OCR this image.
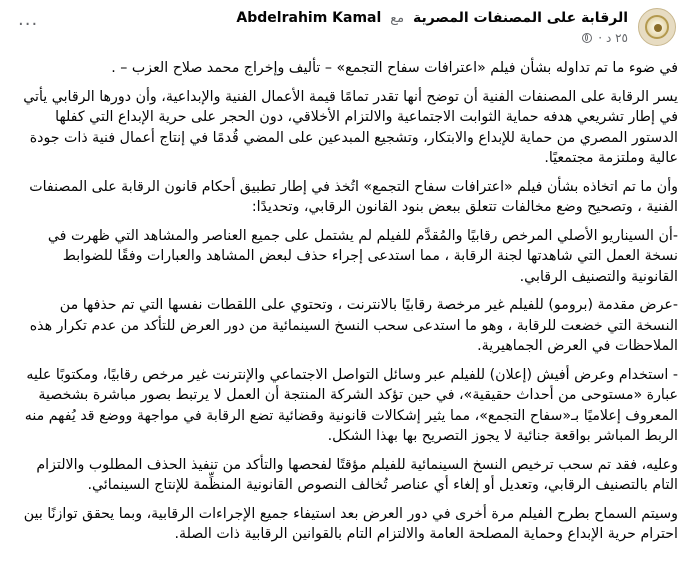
الرقابة على المصنفات المصرية مع Abdelrahim Kamal
٢٥ د ·
···

في ضوء ما تم تداوله بشأن فيلم «اعترافات سفاح التجمع» – تأليف وإخراج محمد صلاح العزب – .

يسر الرقابة على المصنفات الفنية أن توضح أنها تقدر تمامًا قيمة الأعمال الفنية والإبداعية، وأن دورها الرقابي يأتي في إطار تشريعي هدفه حماية الثوابت الاجتماعية والالتزام الأخلاقي، دون الحجر على حرية الإبداع التي كفلها الدستور المصري من حماية للإبداع والابتكار، وتشجيع المبدعين على المضي قُدمًا في إنتاج أعمال فنية ذات جودة عالية وملتزمة مجتمعيًا.

وأن ما تم اتخاذه بشأن فيلم «اعترافات سفاح التجمع» اتُخذ في إطار تطبيق أحكام قانون الرقابة على المصنفات الفنية ، وتصحيح وضع مخالفات تتعلق ببعض بنود القانون الرقابي، وتحديدًا:

-أن السيناريو الأصلي المرخص رقابيًا والمُقدَّم للفيلم لم يشتمل على جميع العناصر والمشاهد التي ظهرت في نسخة العمل التي شاهدتها لجنة الرقابة ، مما استدعى إجراء حذف لبعض المشاهد والعبارات وفقًا للضوابط القانونية والتصنيف الرقابي.

-عرض مقدمة (برومو) للفيلم غير مرخصة رقابيًا بالانترنت ، وتحتوي على اللقطات نفسها التي تم حذفها من النسخة التي خضعت للرقابة ، وهو ما استدعى سحب النسخ السينمائية من دور العرض للتأكد من عدم تكرار هذه الملاحظات في العرض الجماهيرية.

- استخدام وعرض أفيش (إعلان) للفيلم عبر وسائل التواصل الاجتماعي والإنترنت غير مرخص رقابيًا، ومكتوبًا عليه عبارة «مستوحى من أحداث حقيقية»، في حين تؤكد الشركة المنتجة أن العمل لا يرتبط بصور مباشرة بشخصية المعروف إعلاميًا بـ«سفاح التجمع»، مما يثير إشكالات قانونية وقضائية تضع الرقابة في مواجهة ووضع قد يُفهم منه الربط المباشر بواقعة جنائية لا يجوز التصريح بها بهذا الشكل.

وعليه، فقد تم سحب ترخيص النسخ السينمائية للفيلم مؤقتًا لفحصها والتأكد من تنفيذ الحذف المطلوب والالتزام التام بالتصنيف الرقابي، وتعديل أو إلغاء أي عناصر تُخالف النصوص القانونية المنظِّمة للإنتاج السينمائي.

وسيتم السماح بطرح الفيلم مرة أخرى في دور العرض بعد استيفاء جميع الإجراءات الرقابية، وبما يحقق توازنًا بين احترام حرية الإبداع وحماية المصلحة العامة والالتزام التام بالقوانين الرقابية ذات الصلة.
